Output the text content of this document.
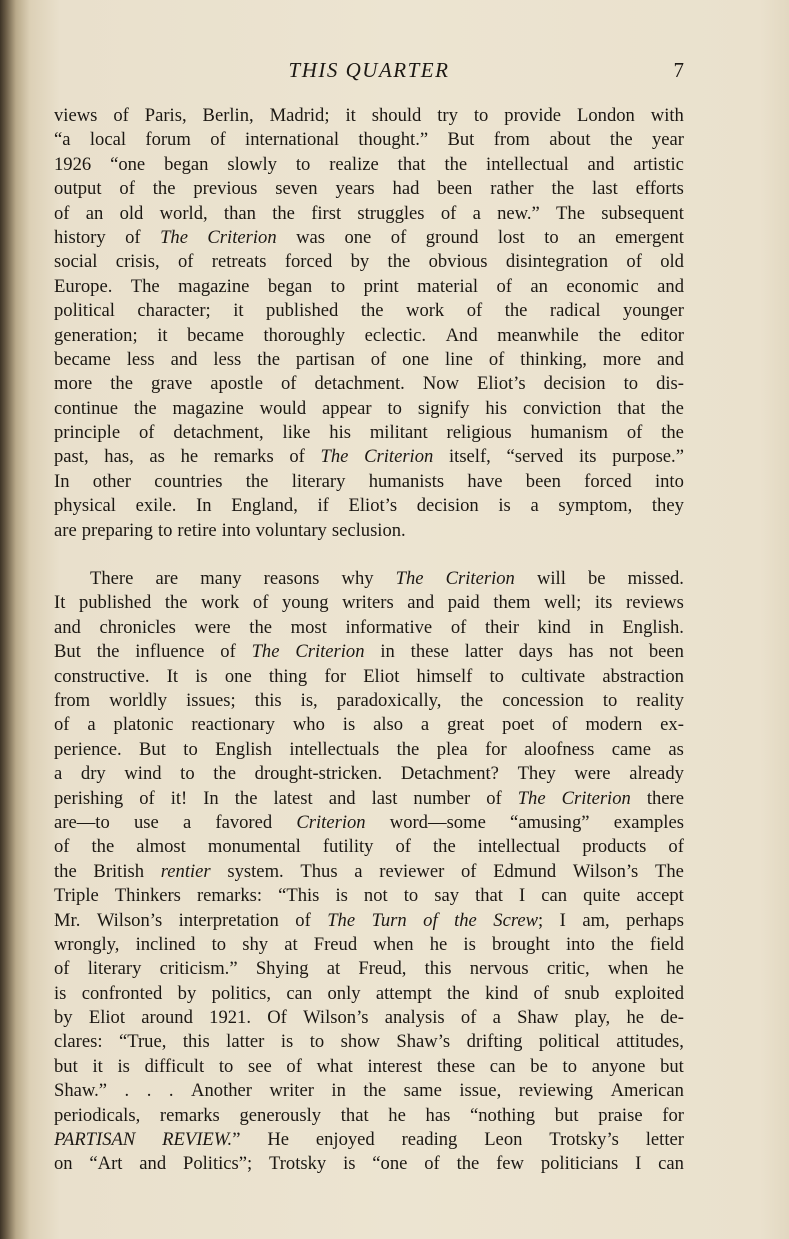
THIS QUARTER	7
views of Paris, Berlin, Madrid; it should try to provide London with
“a local forum of international thought.” But from about the year
1926 “one began slowly to realize that the intellectual and artistic
output of the previous seven years had been rather the last efforts
of an old world, than the first struggles of a new.” The subsequent
history of The Criterion was one of ground lost to an emergent
social crisis, of retreats forced by the obvious disintegration of old
Europe. The magazine began to print material of an economic and
political character; it published the work of the radical younger
generation; it became thoroughly eclectic. And meanwhile the editor
became less and less the partisan of one line of thinking, more and
more the grave apostle of detachment. Now Eliot’s decision to dis-
continue the magazine would appear to signify his conviction that the
principle of detachment, like his militant religious humanism of the
past, has, as he remarks of The Criterion itself, “served its purpose.”
In other countries the literary humanists have been forced into
physical exile. In England, if Eliot’s decision is a symptom, they
are preparing to retire into voluntary seclusion.
There are many reasons why The Criterion will be missed.
It published the work of young writers and paid them well; its reviews
and chronicles were the most informative of their kind in English.
But the influence of The Criterion in these latter days has not been
constructive. It is one thing for Eliot himself to cultivate abstraction
from worldly issues; this is, paradoxically, the concession to reality
of a platonic reactionary who is also a great poet of modern ex-
perience. But to English intellectuals the plea for aloofness came as
a dry wind to the drought-stricken. Detachment? They were already
perishing of it! In the latest and last number of The Criterion there
are—to use a favored Criterion word—some “amusing” examples
of the almost monumental futility of the intellectual products of
the British rentier system. Thus a reviewer of Edmund Wilson’s The
Triple Thinkers remarks: “This is not to say that I can quite accept
Mr. Wilson’s interpretation of The Turn of the Screw; I am, perhaps
wrongly, inclined to shy at Freud when he is brought into the field
of literary criticism.” Shying at Freud, this nervous critic, when he
is confronted by politics, can only attempt the kind of snub exploited
by Eliot around 1921. Of Wilson’s analysis of a Shaw play, he de-
clares: “True, this latter is to show Shaw’s drifting political attitudes,
but it is difficult to see of what interest these can be to anyone but
Shaw.” . . . Another writer in the same issue, reviewing American
periodicals, remarks generously that he has “nothing but praise for
PARTISAN REVIEW.” He enjoyed reading Leon Trotsky’s letter
on “Art and Politics”; Trotsky is “one of the few politicians I can
